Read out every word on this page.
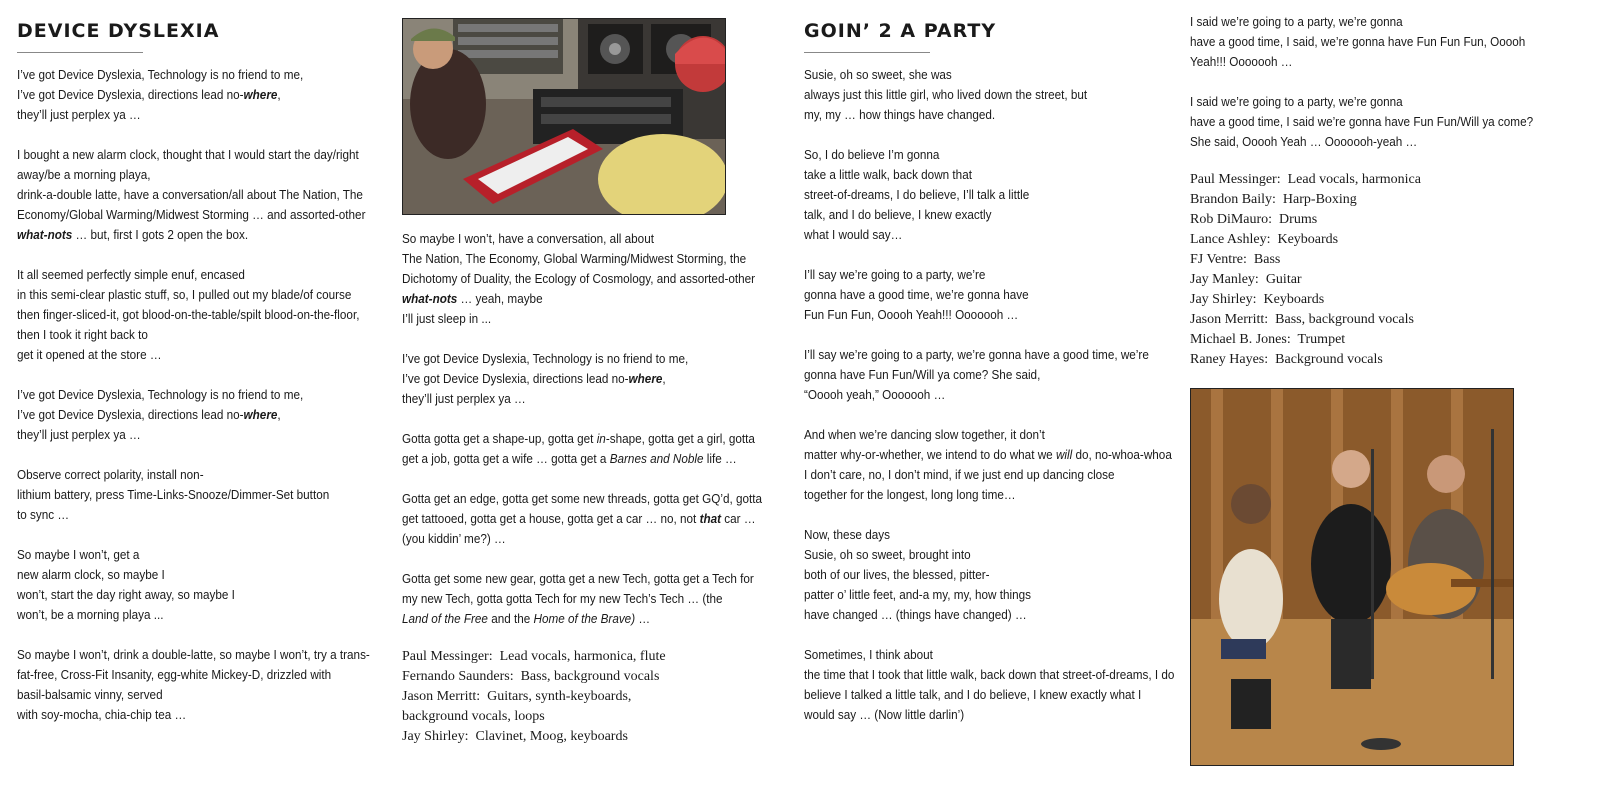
DEVICE DYSLEXIA

I’ve got Device Dyslexia, Technology is no friend to me,
I’ve got Device Dyslexia, directions lead no-where,
they’ll just perplex ya …

I bought a new alarm clock, thought that I would start the day/right
away/be a morning playa,
drink-a-double latte, have a conversation/all about The Nation, The
Economy/Global Warming/Midwest Storming … and assorted-other
what-nots … but, first I gots 2 open the box.

It all seemed perfectly simple enuf, encased
in this semi-clear plastic stuff, so, I pulled out my blade/of course
then finger-sliced-it, got blood-on-the-table/spilt blood-on-the-floor,
then I took it right back to
get it opened at the store …

I’ve got Device Dyslexia, Technology is no friend to me,
I’ve got Device Dyslexia, directions lead no-where,
they’ll just perplex ya …

Observe correct polarity, install non-
lithium battery, press Time-Links-Snooze/Dimmer-Set button
to sync …

So maybe I won’t, get a
new alarm clock, so maybe I
won’t, start the day right away, so maybe I
won’t, be a morning playa ...

So maybe I won’t, drink a double-latte, so maybe I won’t, try a trans-
fat-free, Cross-Fit Insanity, egg-white Mickey-D, drizzled with
basil-balsamic vinny, served
with soy-mocha, chia-chip tea …

So maybe I won’t, have a conversation, all about
The Nation, The Economy, Global Warming/Midwest Storming, the
Dichotomy of Duality, the Ecology of Cosmology, and assorted-other
what-nots … yeah, maybe
I’ll just sleep in ...

I’ve got Device Dyslexia, Technology is no friend to me,
I’ve got Device Dyslexia, directions lead no-where,
they’ll just perplex ya …

Gotta gotta get a shape-up, gotta get in-shape, gotta get a girl, gotta
get a job, gotta get a wife … gotta get a Barnes and Noble life …

Gotta get an edge, gotta get some new threads, gotta get GQ’d, gotta
get tattooed, gotta get a house, gotta get a car … no, not that car …
(you kiddin’ me?) …

Gotta get some new gear, gotta get a new Tech, gotta get a Tech for
my new Tech, gotta gotta Tech for my new Tech’s Tech … (the
Land of the Free and the Home of the Brave) …

Paul Messinger:  Lead vocals, harmonica, flute
Fernando Saunders:  Bass, background vocals
Jason Merritt:  Guitars, synth-keyboards,
background vocals, loops
Jay Shirley:  Clavinet, Moog, keyboards
GOIN’ 2 A PARTY

Susie, oh so sweet, she was
always just this little girl, who lived down the street, but
my, my … how things have changed.

So, I do believe I’m gonna
take a little walk, back down that
street-of-dreams, I do believe, I’ll talk a little
talk, and I do believe, I knew exactly
what I would say…

I’ll say we’re going to a party, we’re
gonna have a good time, we’re gonna have
Fun Fun Fun, Ooooh Yeah!!! Ooooooh …

I’ll say we’re going to a party, we’re gonna have a good time, we’re
gonna have Fun Fun/Will ya come? She said,
“Ooooh yeah,” Ooooooh …

And when we’re dancing slow together, it don’t
matter why-or-whether, we intend to do what we will do, no-whoa-whoa
I don’t care, no, I don’t mind, if we just end up dancing close
together for the longest, long long time…

Now, these days
Susie, oh so sweet, brought into
both of our lives, the blessed, pitter-
patter o’ little feet, and-a my, my, how things
have changed … (things have changed) …

Sometimes, I think about
the time that I took that little walk, back down that street-of-dreams, I do
believe I talked a little talk, and I do believe, I knew exactly what I
would say … (Now little darlin’)

I said we’re going to a party, we’re gonna
have a good time, I said, we’re gonna have Fun Fun Fun, Ooooh
Yeah!!! Ooooooh …

I said we’re going to a party, we’re gonna
have a good time, I said we’re gonna have Fun Fun/Will ya come?
She said, Ooooh Yeah … Ooooooh-yeah …

Paul Messinger:  Lead vocals, harmonica
Brandon Baily:  Harp-Boxing
Rob DiMauro:  Drums
Lance Ashley:  Keyboards
FJ Ventre:  Bass
Jay Manley:  Guitar
Jay Shirley:  Keyboards
Jason Merritt:  Bass, background vocals
Michael B. Jones:  Trumpet
Raney Hayes:  Background vocals
